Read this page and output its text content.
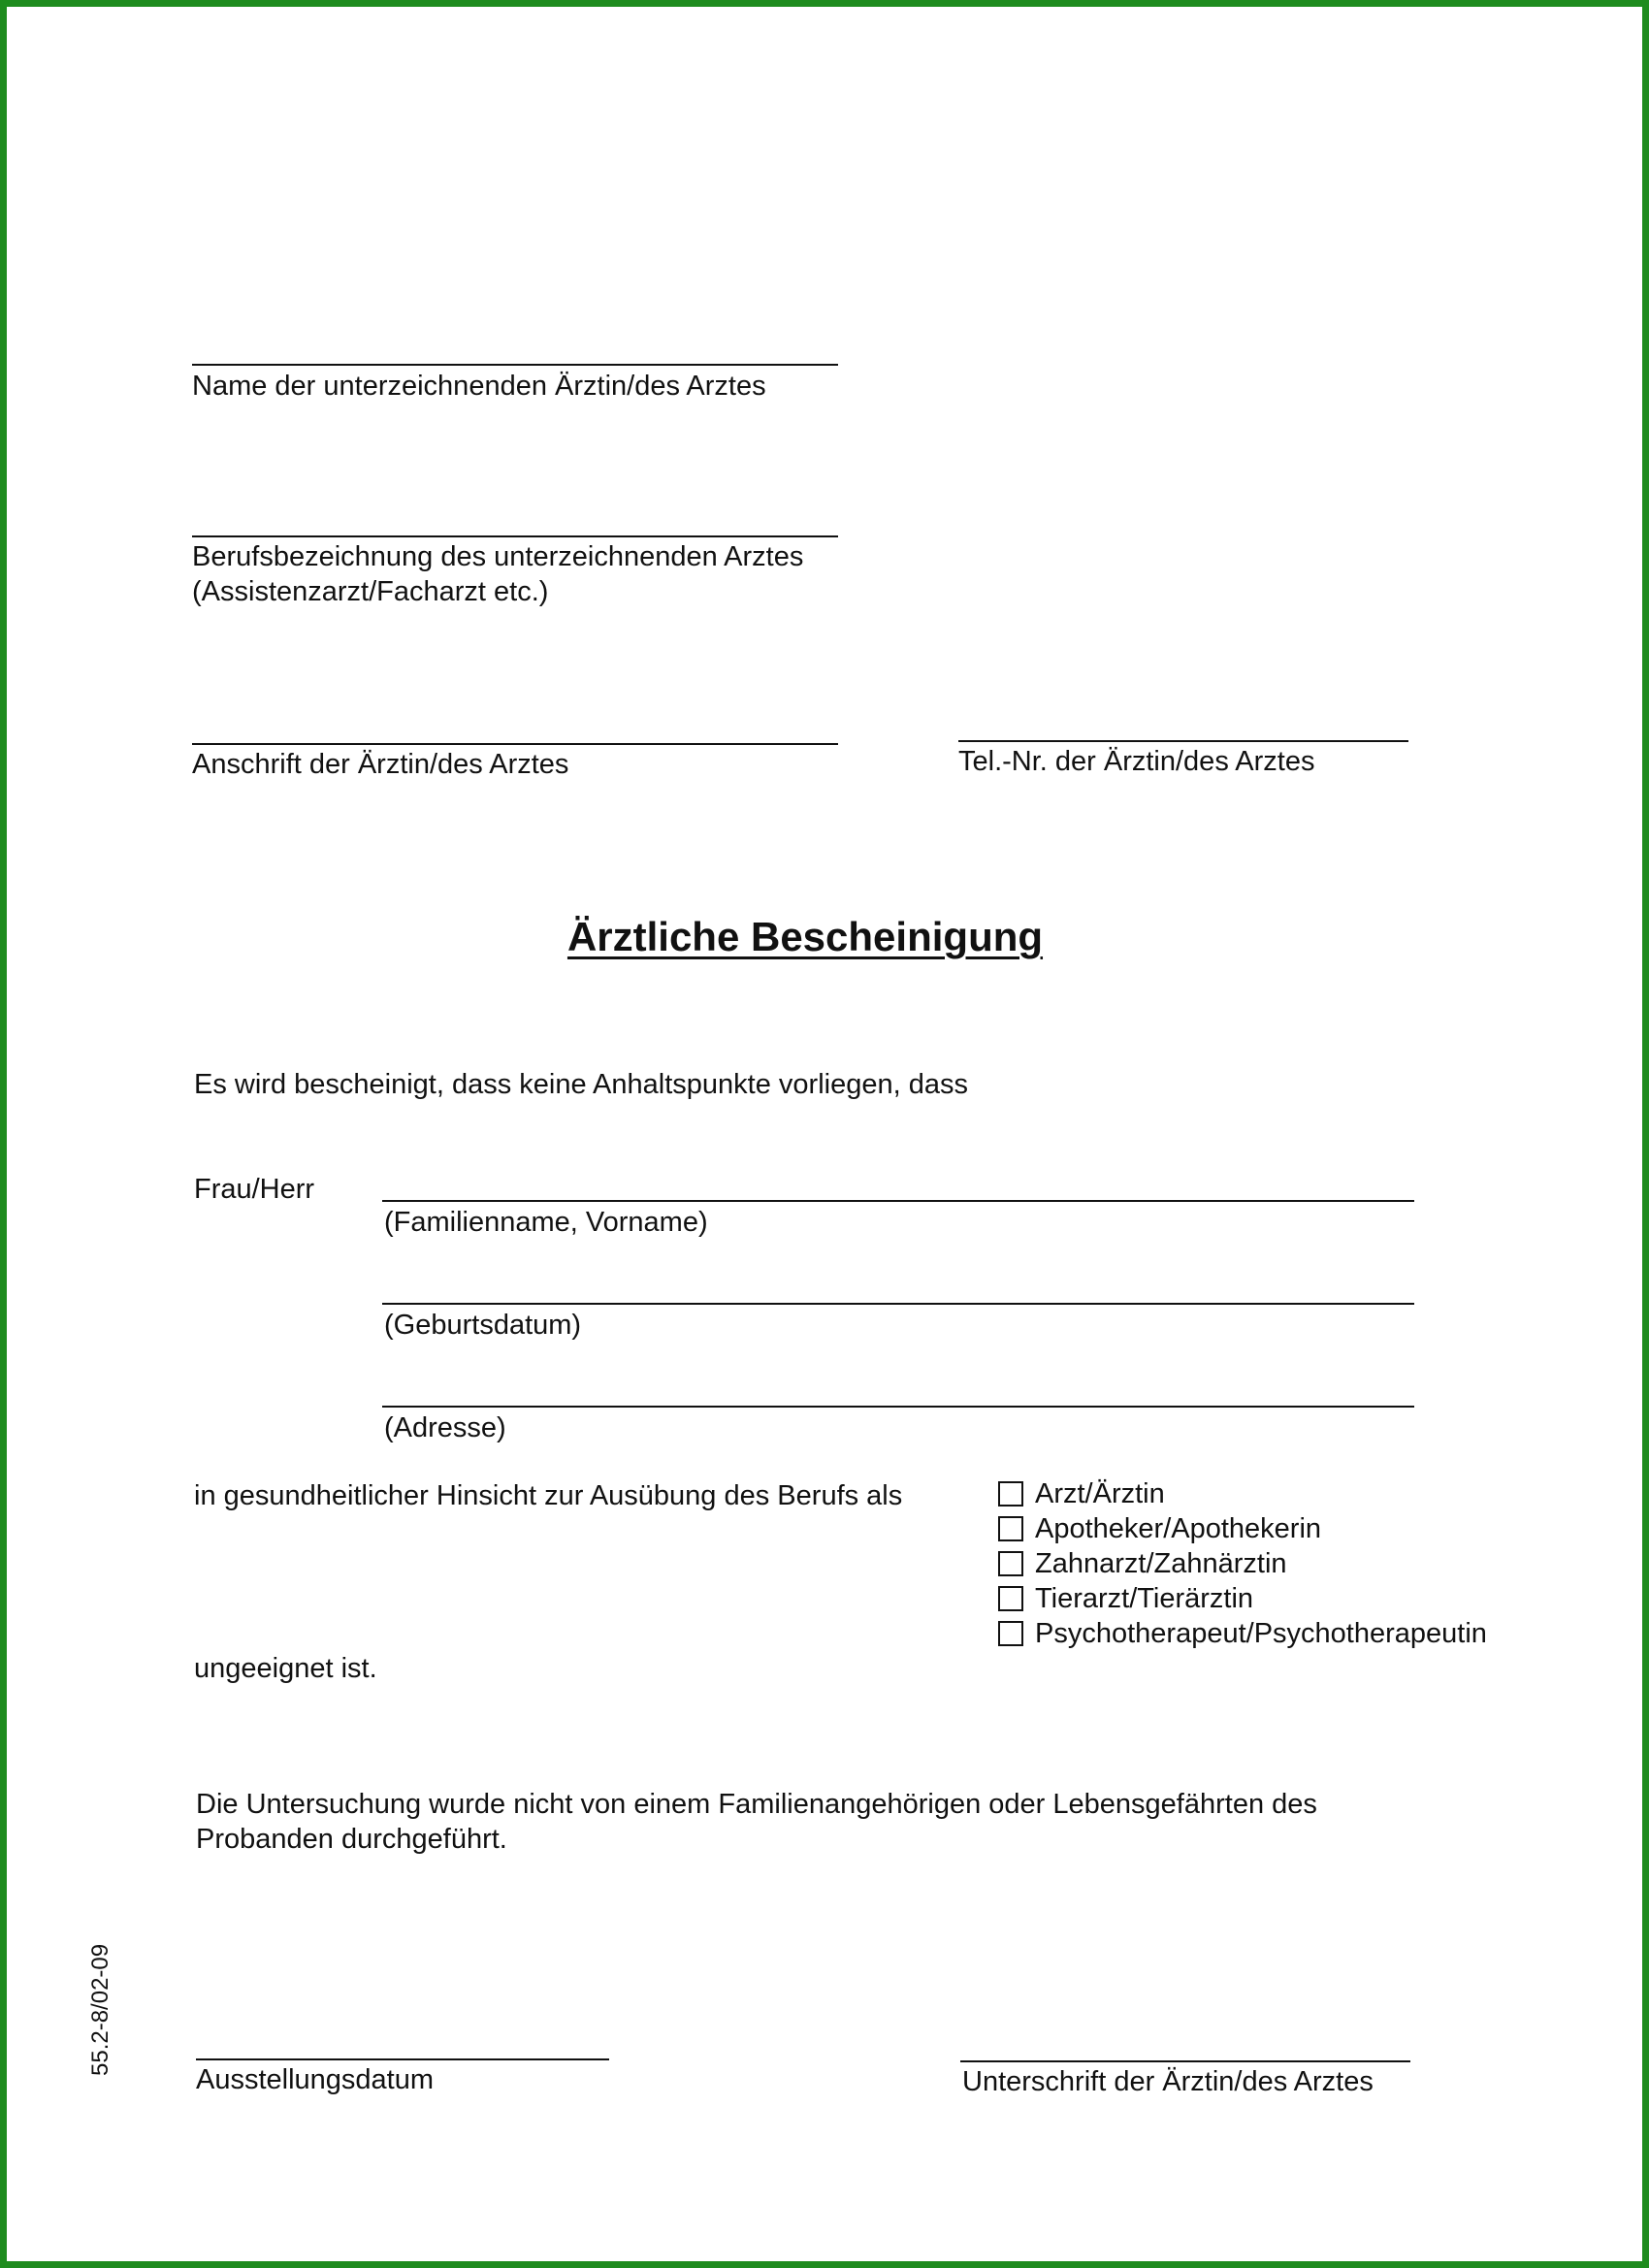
Name der unterzeichnenden Ärztin/des Arztes
Berufsbezeichnung des unterzeichnenden Arztes
(Assistenzarzt/Facharzt etc.)
Anschrift der Ärztin/des Arztes	Tel.-Nr. der Ärztin/des Arztes
Ärztliche Bescheinigung
Es wird bescheinigt, dass keine Anhaltspunkte vorliegen, dass
Frau/Herr
(Familienname, Vorname)
(Geburtsdatum)
(Adresse)
in gesundheitlicher Hinsicht zur Ausübung des Berufs als	Arzt/Ärztin
Apotheker/Apothekerin
Zahnarzt/Zahnärztin
Tierarzt/Tierärztin
Psychotherapeut/Psychotherapeutin
ungeeignet ist.
Die Untersuchung wurde nicht von einem Familienangehörigen oder Lebensgefährten des
Probanden durchgeführt.
Ausstellungsdatum	Unterschrift der Ärztin/des Arztes
55.2-8/02-09
